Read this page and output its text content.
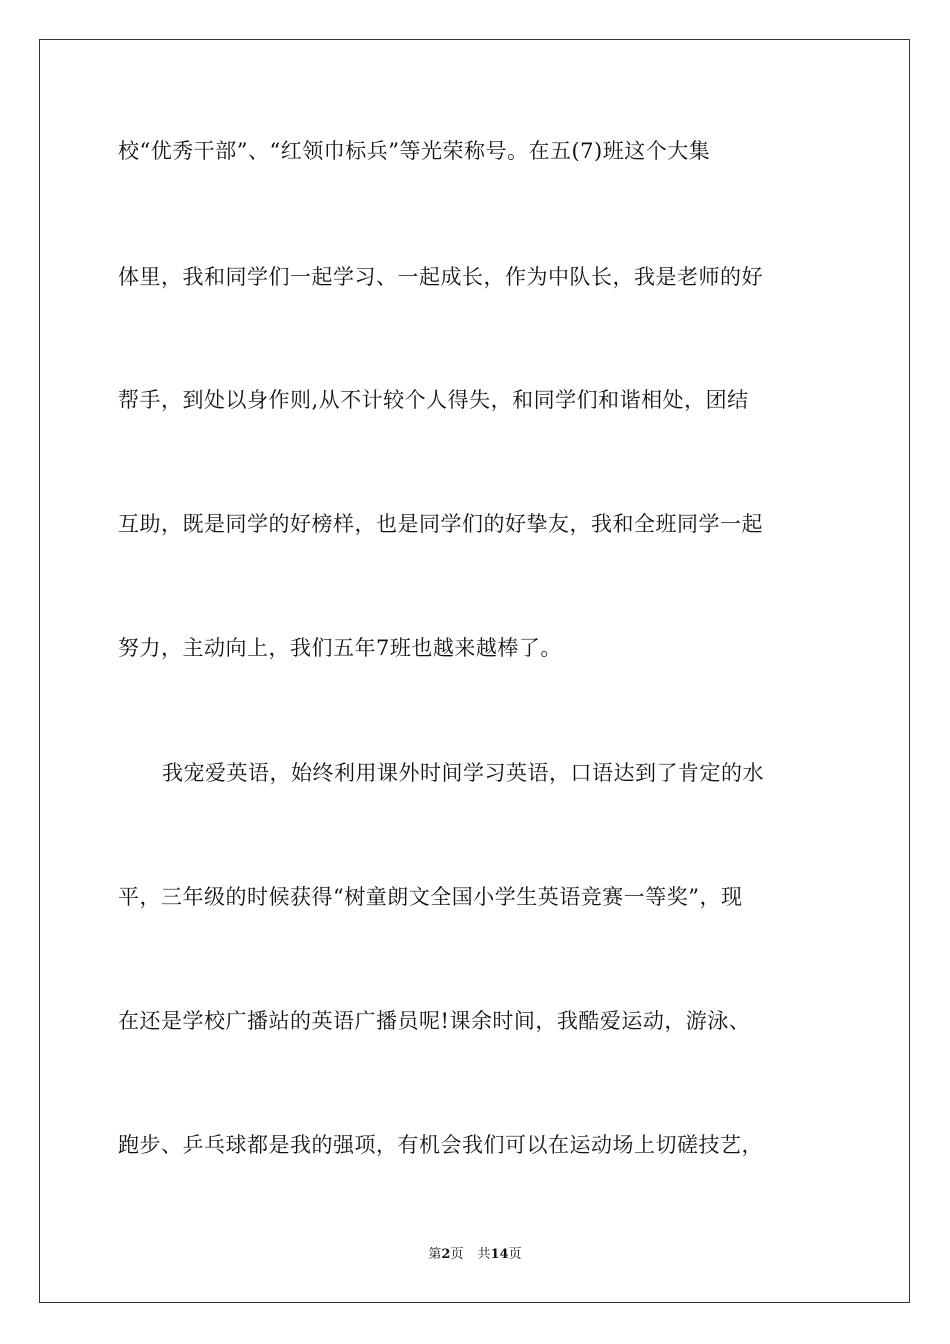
校“优秀干部”、“红领巾标兵”等光荣称号。在五(7)班这个大集
体里，我和同学们一起学习、一起成长，作为中队长，我是老师的好
帮手，到处以身作则,从不计较个人得失，和同学们和谐相处，团结
互助，既是同学的好榜样，也是同学们的好挚友，我和全班同学一起
努力，主动向上，我们五年7班也越来越棒了。
我宠爱英语，始终利用课外时间学习英语，口语达到了肯定的水
平，三年级的时候获得“树童朗文全国小学生英语竞赛一等奖”，现
在还是学校广播站的英语广播员呢!课余时间，我酷爱运动，游泳、
跑步、乒乓球都是我的强项，有机会我们可以在运动场上切磋技艺，
第2页 共14页
